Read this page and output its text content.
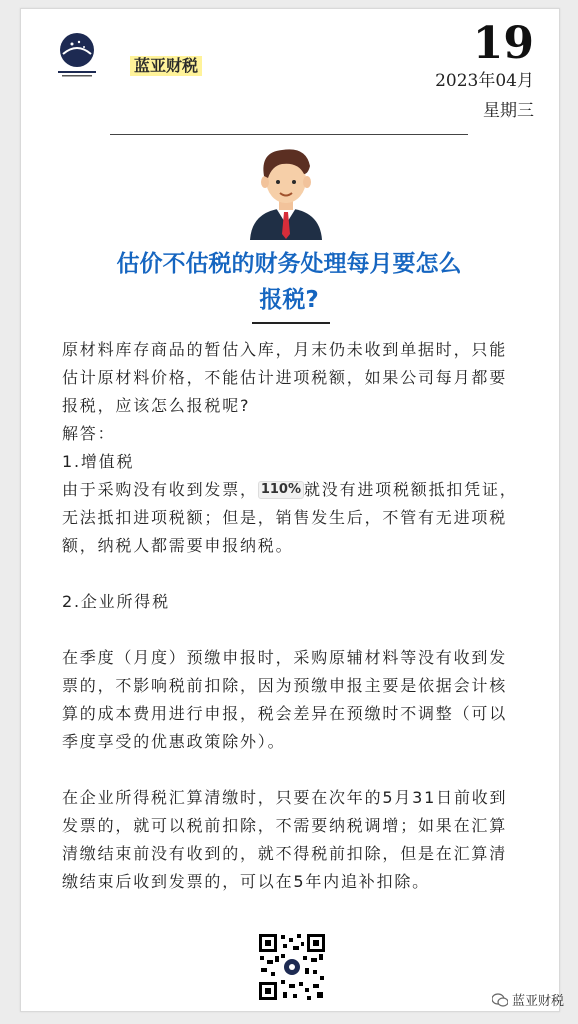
蓝亚财税	19
2023年04月
星期三
估价不估税的财务处理每月要怎么
报税?

原材料库存商品的暂估入库，月末仍未收到单据时，只能估计原材料价格，不能估计进项税额，如果公司每月都要报税，应该怎么报税呢?

解答：

1.增值税

由于采购没有收到发票， 110% 就没有进项税额抵扣凭证，无法抵扣进项税额；但是，销售发生后，不管有无进项税额，纳税人都需要申报纳税。

2.企业所得税

在季度（月度）预缴申报时，采购原辅材料等没有收到发票的，不影响税前扣除，因为预缴申报主要是依据会计核算的成本费用进行申报，税会差异在预缴时不调整（可以季度享受的优惠政策除外）。

在企业所得税汇算清缴时，只要在次年的5月31日前收到发票的，就可以税前扣除，不需要纳税调增；如果在汇算清缴结束前没有收到的，就不得税前扣除，但是在汇算清缴结束后收到发票的，可以在5年内追补扣除。

蓝亚财税
